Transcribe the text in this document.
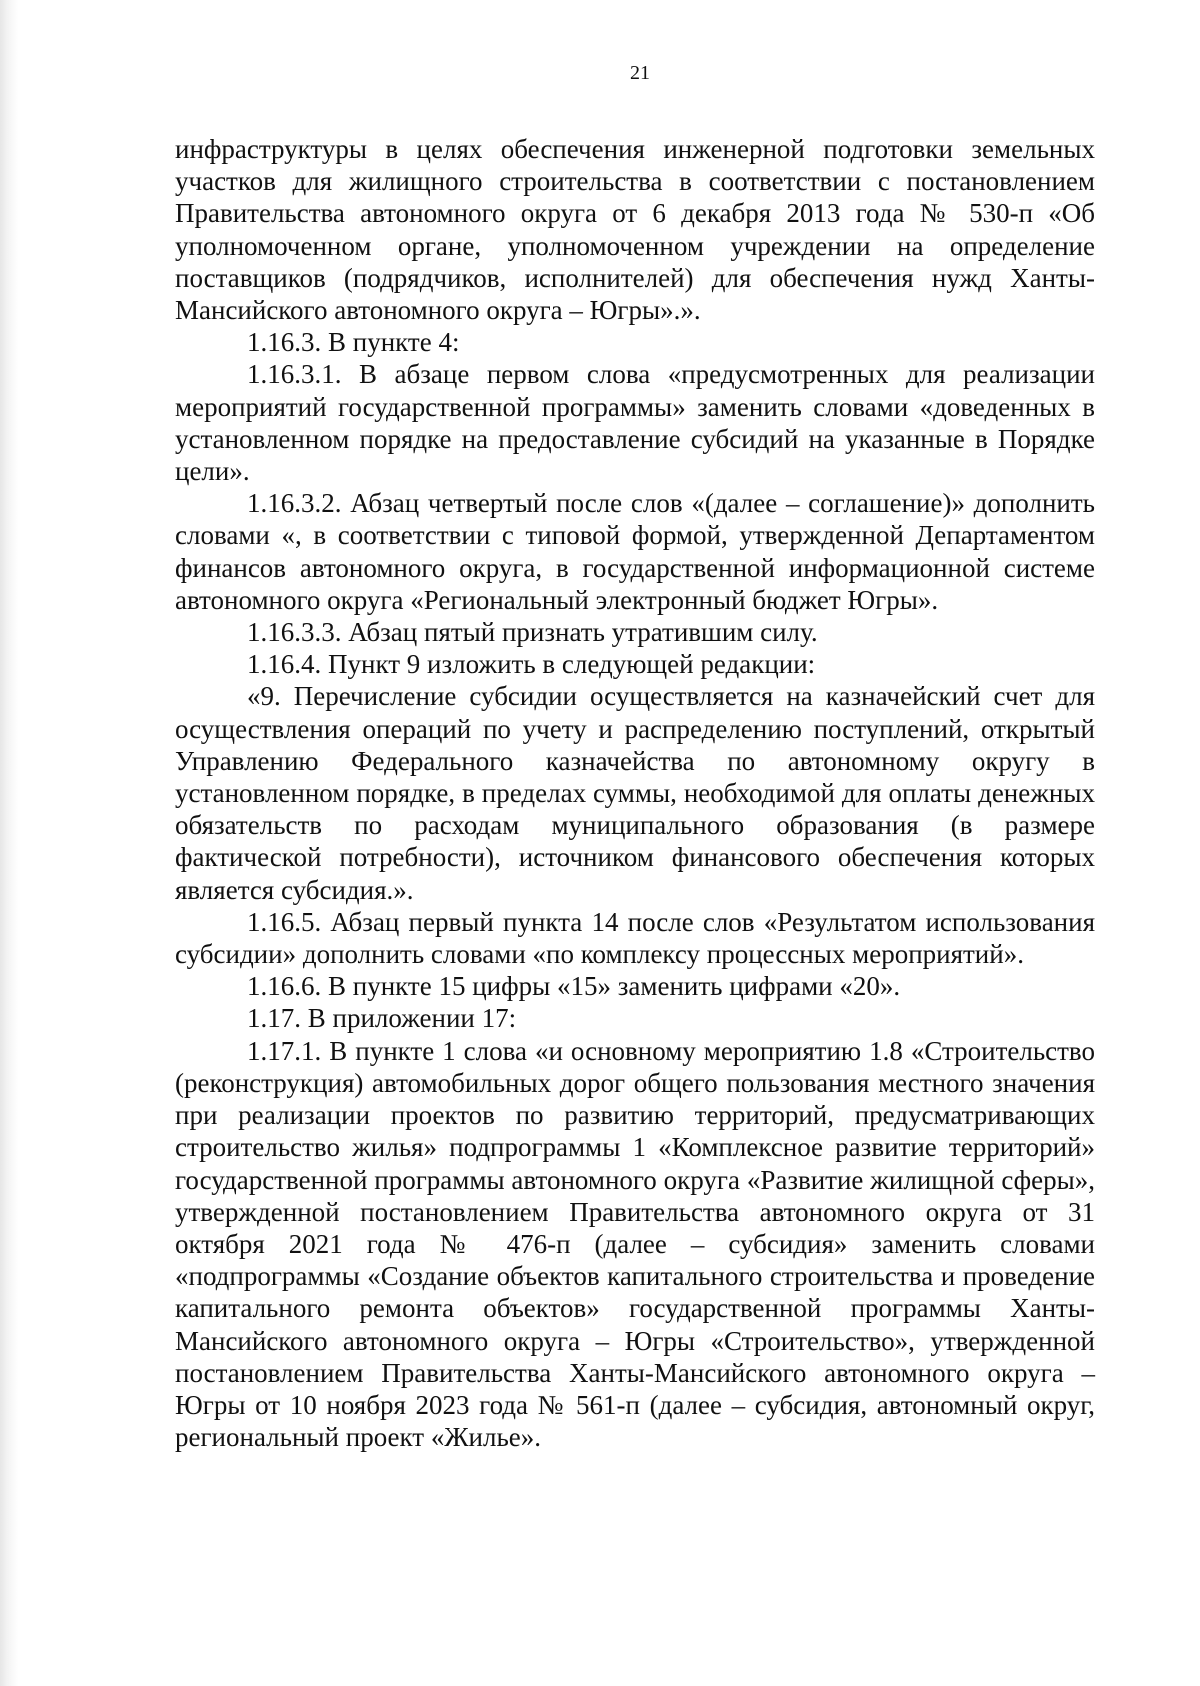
21

инфраструктуры в целях обеспечения инженерной подготовки земельных участков для жилищного строительства в соответствии с постановлением Правительства автономного округа от 6 декабря 2013 года № 530-п «Об уполномоченном органе, уполномоченном учреждении на определение поставщиков (подрядчиков, исполнителей) для обеспечения нужд Ханты-Мансийского автономного округа – Югры».».

1.16.3. В пункте 4:

1.16.3.1. В абзаце первом слова «предусмотренных для реализации мероприятий государственной программы» заменить словами «доведенных в установленном порядке на предоставление субсидий на указанные в Порядке цели».

1.16.3.2. Абзац четвертый после слов «(далее – соглашение)» дополнить словами «, в соответствии с типовой формой, утвержденной Департаментом финансов автономного округа, в государственной информационной системе автономного округа «Региональный электронный бюджет Югры».

1.16.3.3. Абзац пятый признать утратившим силу.

1.16.4. Пункт 9 изложить в следующей редакции:

«9. Перечисление субсидии осуществляется на казначейский счет для осуществления операций по учету и распределению поступлений, открытый Управлению Федерального казначейства по автономному округу в установленном порядке, в пределах суммы, необходимой для оплаты денежных обязательств по расходам муниципального образования (в размере фактической потребности), источником финансового обеспечения которых является субсидия.».

1.16.5. Абзац первый пункта 14 после слов «Результатом использования субсидии» дополнить словами «по комплексу процессных мероприятий».

1.16.6. В пункте 15 цифры «15» заменить цифрами «20».

1.17. В приложении 17:

1.17.1. В пункте 1 слова «и основному мероприятию 1.8 «Строительство (реконструкция) автомобильных дорог общего пользования местного значения при реализации проектов по развитию территорий, предусматривающих строительство жилья» подпрограммы 1 «Комплексное развитие территорий» государственной программы автономного округа «Развитие жилищной сферы», утвержденной постановлением Правительства автономного округа от 31 октября 2021 года № 476-п (далее – субсидия» заменить словами «подпрограммы «Создание объектов капитального строительства и проведение капитального ремонта объектов» государственной программы Ханты-Мансийского автономного округа – Югры «Строительство», утвержденной постановлением Правительства Ханты-Мансийского автономного округа – Югры от 10 ноября 2023 года № 561-п (далее – субсидия, автономный округ, региональный проект «Жилье».
